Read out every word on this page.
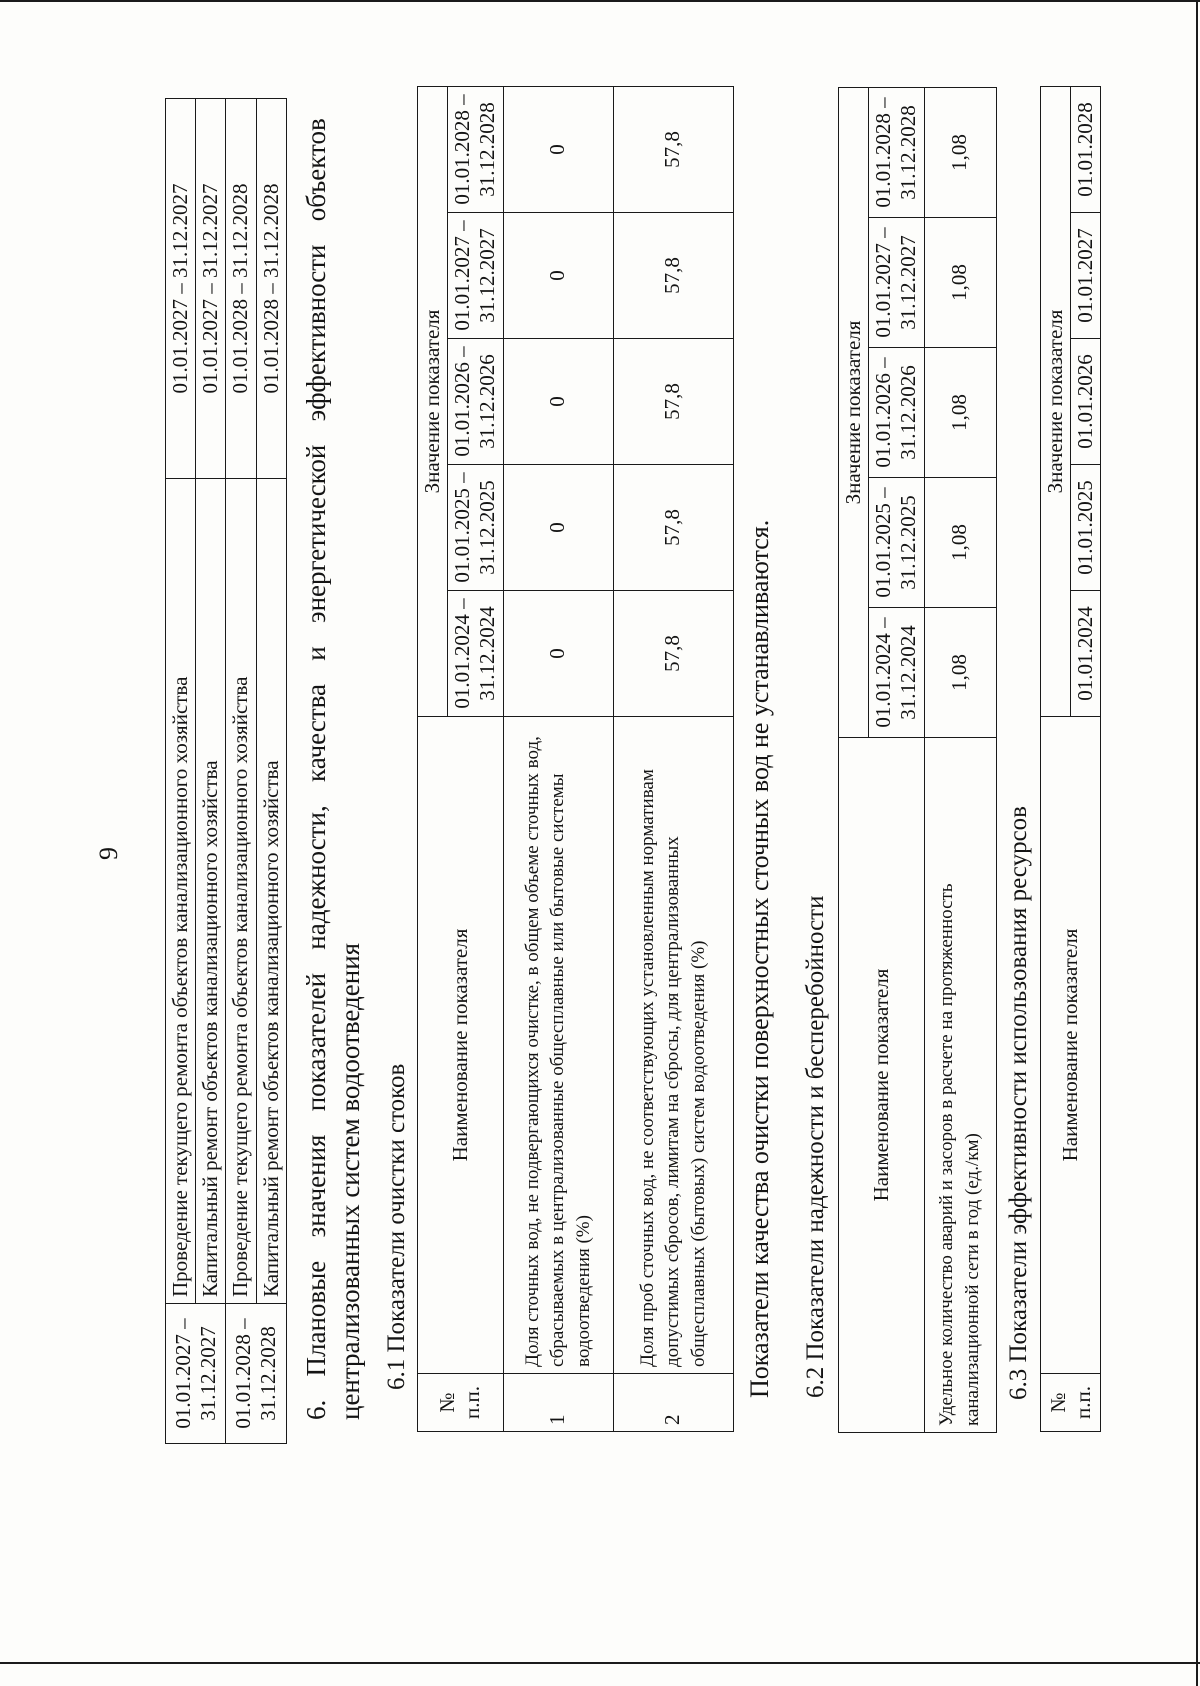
9
01.01.2027 – 31.12.2027	Проведение текущего ремонта объектов канализационного хозяйства	01.01.2027 – 31.12.2027
	Капитальный ремонт объектов канализационного хозяйства	01.01.2027 – 31.12.2027
01.01.2028 – 31.12.2028	Проведение текущего ремонта объектов канализационного хозяйства	01.01.2028 – 31.12.2028
	Капитальный ремонт объектов канализационного хозяйства	01.01.2028 – 31.12.2028
6.
Плановые
значения
показателей
надежности,
качества
и
энергетической
эффективности
объектов
централизованных систем водоотведения 6.1 Показатели очистки стоков
№ п.п.	Наименование показателя	Значение показателя				
		01.01.2024 – 31.12.2024	01.01.2025 – 31.12.2025	01.01.2026 – 31.12.2026	01.01.2027 – 31.12.2027	01.01.2028 – 31.12.2028
1	Доля сточных вод, не подвергающихся очистке, в общем объеме сточных вод, сбрасываемых в централизованные общесплавные или бытовые системы водоотведения (%)	0	0	0	0	0
2	Доля проб сточных вод, не соответствующих установленным нормативам допустимых сбросов, лимитам на сбросы, для централизованных общесплавных (бытовых) систем водоотведения (%)	57,8	57,8	57,8	57,8	57,8
Показатели качества очистки поверхностных сточных вод не устанавливаются. 6.2 Показатели надежности и бесперебойности Наименование показателя	Значение показателя				
	01.01.2024 – 31.12.2024	01.01.2025 – 31.12.2025	01.01.2026 – 31.12.2026	01.01.2027 – 31.12.2027	01.01.2028 – 31.12.2028
Удельное количество аварий и засоров в расчете на протяженность канализационной сети в год (ед./км)	1,08	1,08	1,08	1,08	1,08
6.3 Показатели эффективности использования ресурсов
№ п.п.	Наименование показателя	Значение показателя				
		01.01.2024	01.01.2025	01.01.2026	01.01.2027	01.01.2028
